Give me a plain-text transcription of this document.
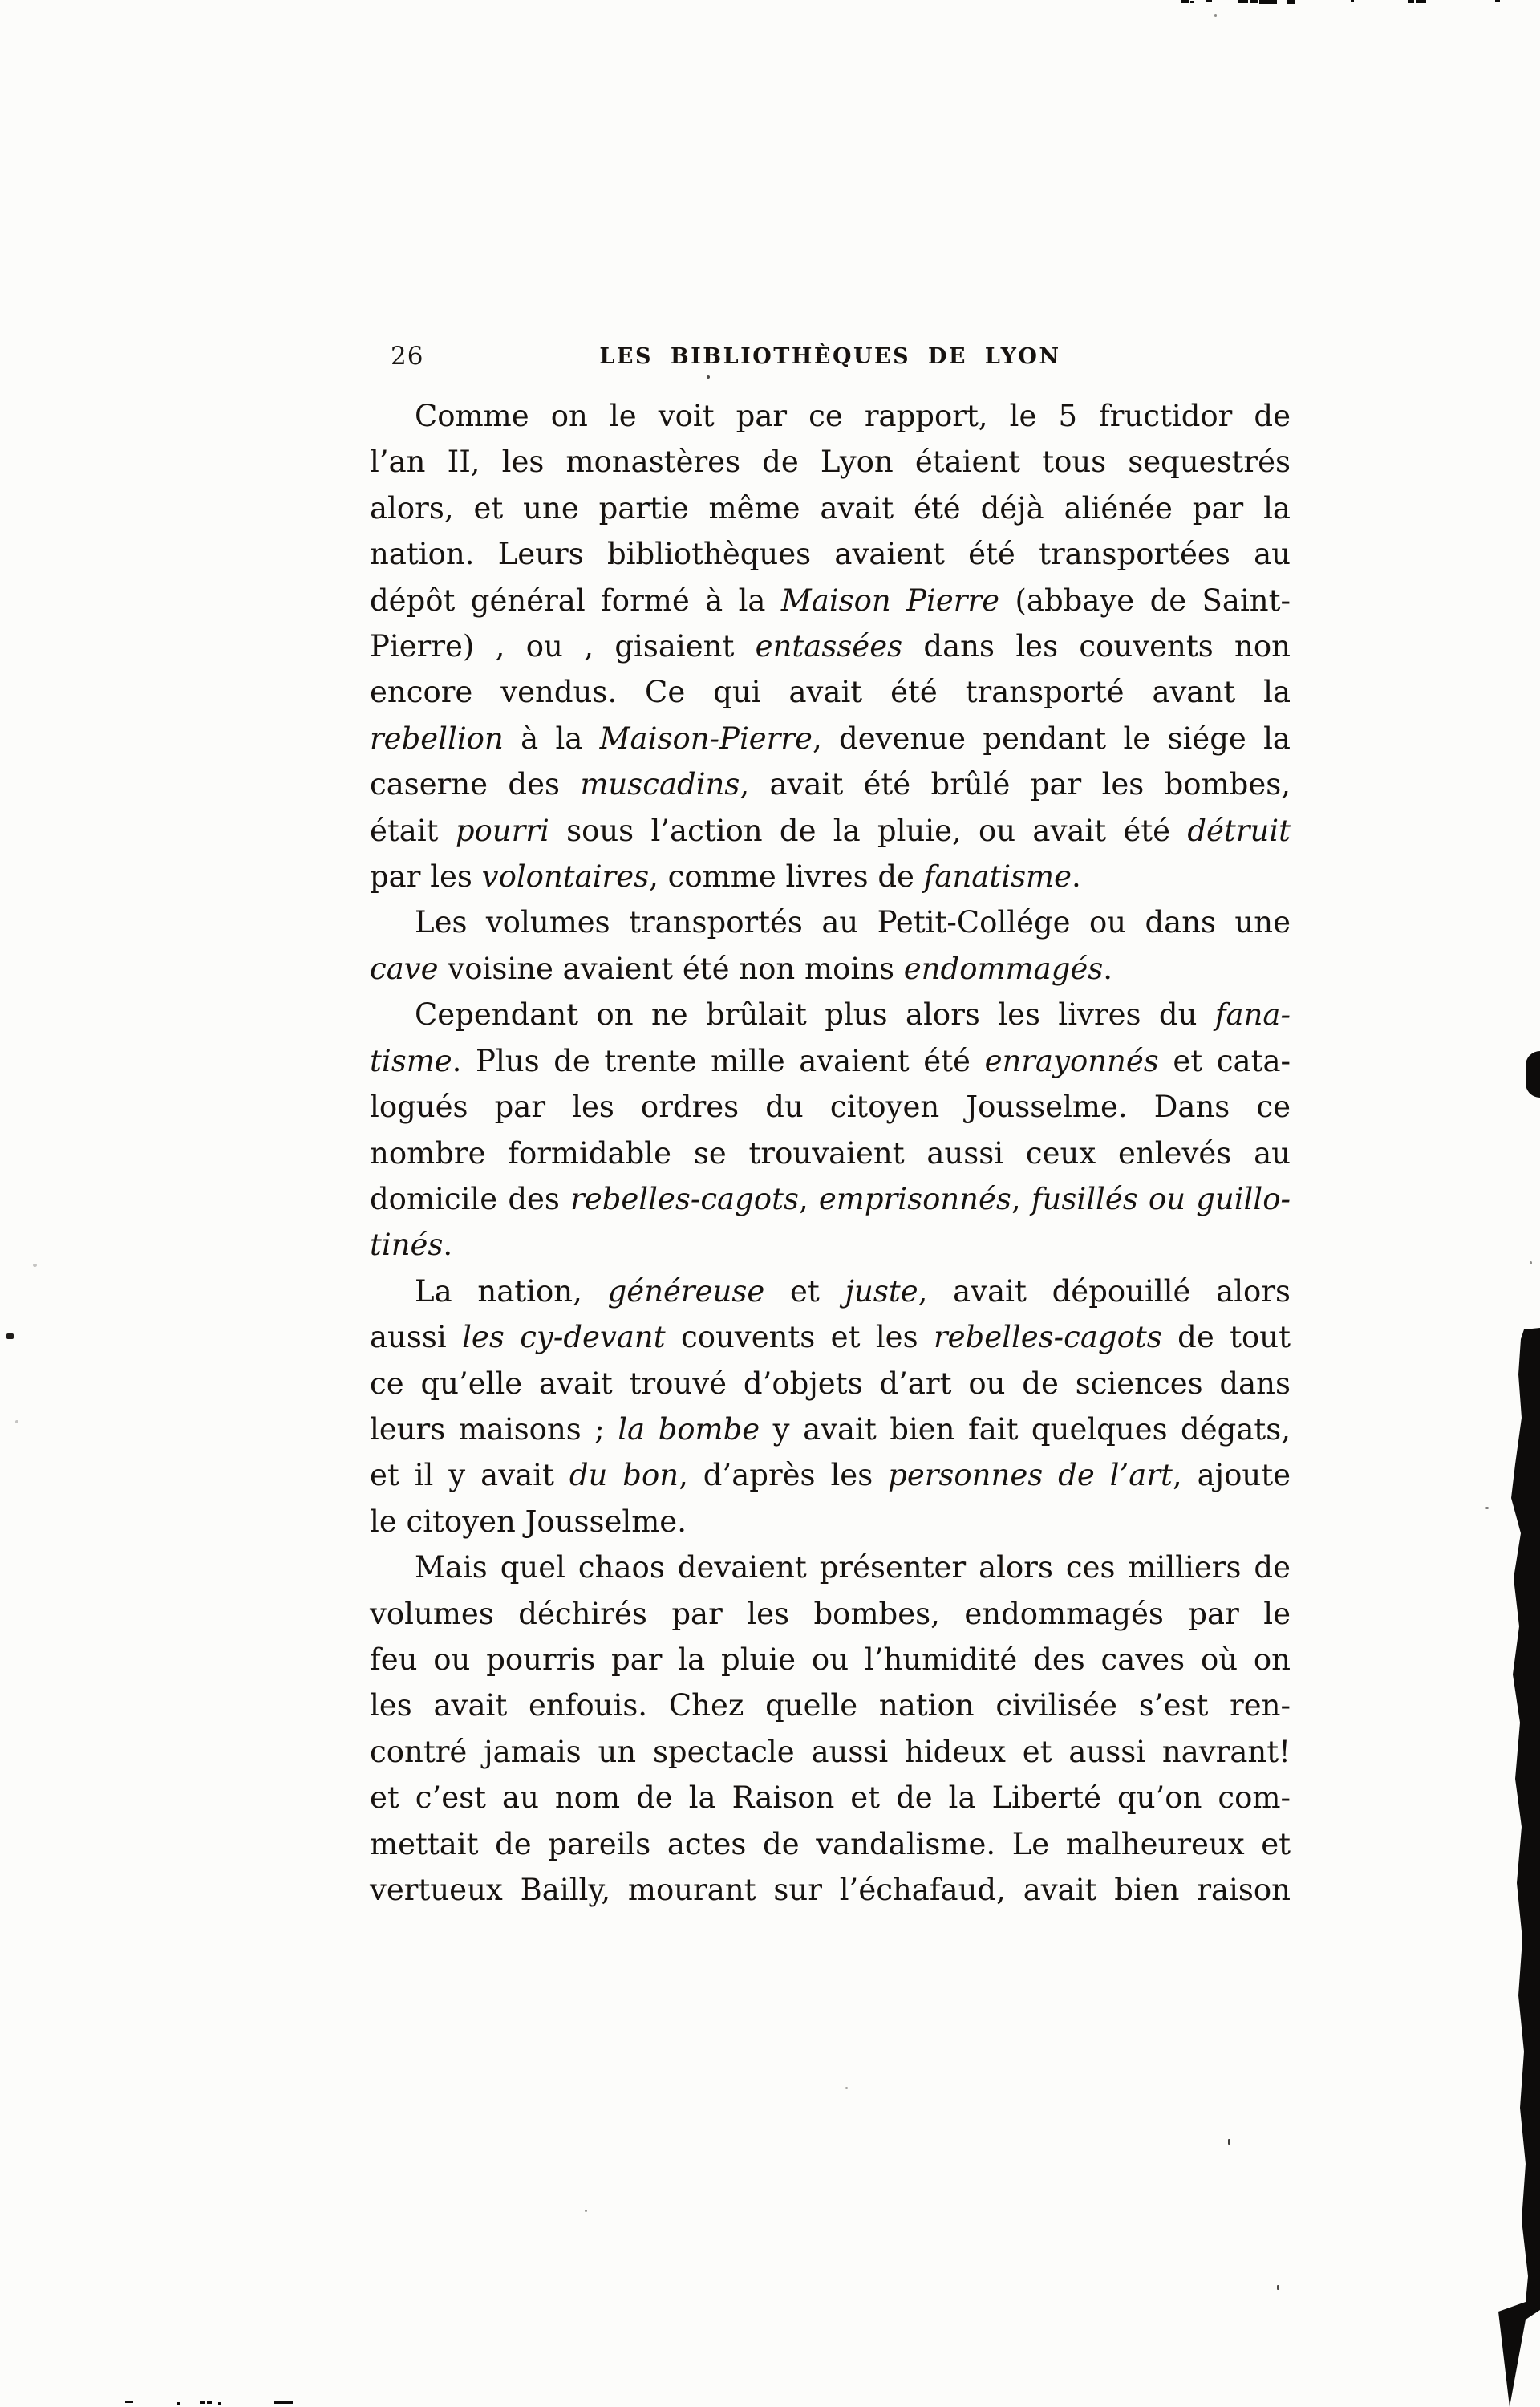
26	LES BIBLIOTHÈQUES DE LYON
Comme on le voit par ce rapport, le 5 fructidor de
l’an II, les monastères de Lyon étaient tous sequestrés
alors, et une partie même avait été déjà aliénée par la
nation. Leurs bibliothèques avaient été transportées au
dépôt général formé à la Maison Pierre (abbaye de Saint-
Pierre) , ou , gisaient entassées dans les couvents non
encore vendus. Ce qui avait été transporté avant la
rebellion à la Maison-Pierre, devenue pendant le siége la
caserne des muscadins, avait été brûlé par les bombes,
était pourri sous l’action de la pluie, ou avait été détruit
par les volontaires, comme livres de fanatisme.
Les volumes transportés au Petit-Collége ou dans une
cave voisine avaient été non moins endommagés.
Cependant on ne brûlait plus alors les livres du fana-
tisme. Plus de trente mille avaient été enrayonnés et cata-
logués par les ordres du citoyen Jousselme. Dans ce
nombre formidable se trouvaient aussi ceux enlevés au
domicile des rebelles-cagots, emprisonnés, fusillés ou guillo-
tinés.
La nation, généreuse et juste, avait dépouillé alors
aussi les cy-devant couvents et les rebelles-cagots de tout
ce qu’elle avait trouvé d’objets d’art ou de sciences dans
leurs maisons ; la bombe y avait bien fait quelques dégats,
et il y avait du bon, d’après les personnes de l’art, ajoute
le citoyen Jousselme.
Mais quel chaos devaient présenter alors ces milliers de
volumes déchirés par les bombes, endommagés par le
feu ou pourris par la pluie ou l’humidité des caves où on
les avait enfouis. Chez quelle nation civilisée s’est ren-
contré jamais un spectacle aussi hideux et aussi navrant!
et c’est au nom de la Raison et de la Liberté qu’on com-
mettait de pareils actes de vandalisme. Le malheureux et
vertueux Bailly, mourant sur l’échafaud, avait bien raison
